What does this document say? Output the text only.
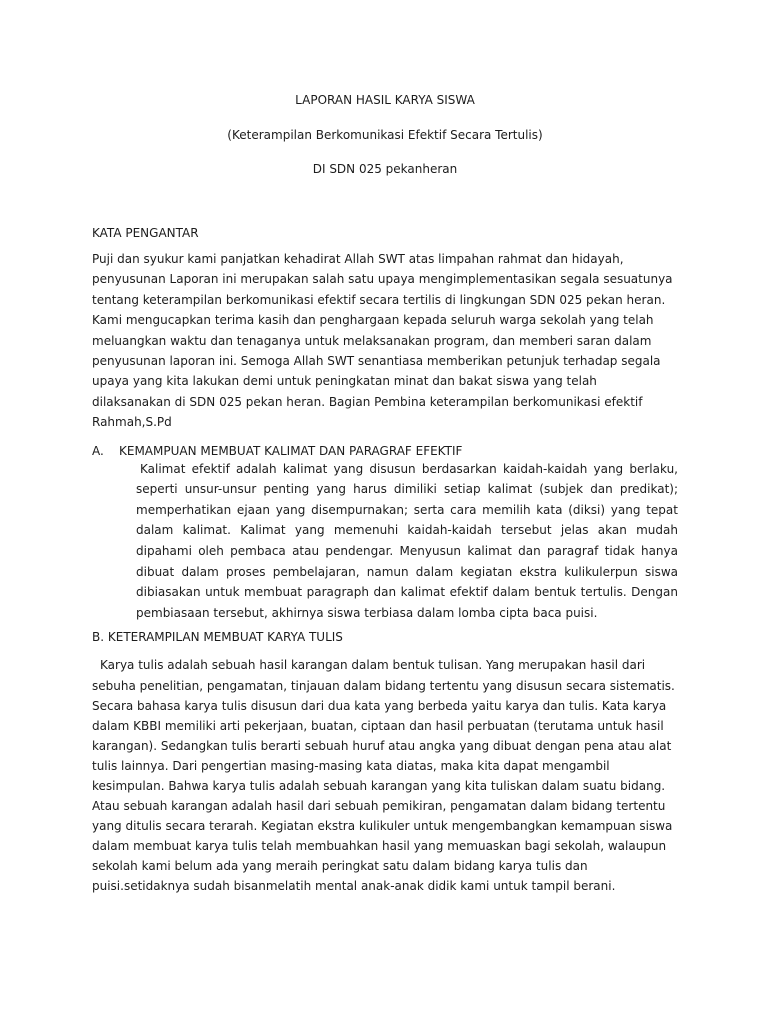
LAPORAN HASIL KARYA SISWA

(Keterampilan Berkomunikasi Efektif Secara Tertulis)

DI SDN 025 pekanheran

KATA PENGANTAR

Puji dan syukur kami panjatkan kehadirat Allah SWT atas limpahan rahmat dan hidayah, penyusunan Laporan ini merupakan salah satu upaya mengimplementasikan segala sesuatunya tentang keterampilan berkomunikasi efektif secara tertilis di lingkungan SDN 025 pekan heran. Kami mengucapkan terima kasih dan penghargaan kepada seluruh warga sekolah yang telah meluangkan waktu dan tenaganya untuk melaksanakan program, dan memberi saran dalam penyusunan laporan ini. Semoga Allah SWT senantiasa memberikan petunjuk terhadap segala upaya yang kita lakukan demi untuk peningkatan minat dan bakat siswa yang telah dilaksanakan di SDN 025 pekan heran. Bagian Pembina keterampilan berkomunikasi efektif Rahmah,S.Pd

A.	KEMAMPUAN MEMBUAT KALIMAT DAN PARAGRAF EFEKTIF

Kalimat efektif adalah kalimat yang disusun berdasarkan kaidah-kaidah yang berlaku, seperti unsur-unsur penting yang harus dimiliki setiap kalimat (subjek dan predikat); memperhatikan ejaan yang disempurnakan; serta cara memilih kata (diksi) yang tepat dalam kalimat. Kalimat yang memenuhi kaidah-kaidah tersebut jelas akan mudah dipahami oleh pembaca atau pendengar. Menyusun kalimat dan paragraf tidak hanya dibuat dalam proses pembelajaran, namun dalam kegiatan ekstra kulikulerpun siswa dibiasakan untuk membuat paragraph dan kalimat efektif dalam bentuk tertulis. Dengan pembiasaan tersebut, akhirnya siswa terbiasa dalam lomba cipta baca puisi.

B. KETERAMPILAN MEMBUAT KARYA TULIS

Karya tulis adalah sebuah hasil karangan dalam bentuk tulisan. Yang merupakan hasil dari sebuha penelitian, pengamatan, tinjauan dalam bidang tertentu yang disusun secara sistematis. Secara bahasa karya tulis disusun dari dua kata yang berbeda yaitu karya dan tulis. Kata karya dalam KBBI memiliki arti pekerjaan, buatan, ciptaan dan hasil perbuatan (terutama untuk hasil karangan). Sedangkan tulis berarti sebuah huruf atau angka yang dibuat dengan pena atau alat tulis lainnya. Dari pengertian masing-masing kata diatas, maka kita dapat mengambil kesimpulan. Bahwa karya tulis adalah sebuah karangan yang kita tuliskan dalam suatu bidang. Atau sebuah karangan adalah hasil dari sebuah pemikiran, pengamatan dalam bidang tertentu yang ditulis secara terarah. Kegiatan ekstra kulikuler untuk mengembangkan kemampuan siswa dalam membuat karya tulis telah membuahkan hasil yang memuaskan bagi sekolah, walaupun sekolah kami belum ada yang meraih peringkat satu dalam bidang karya tulis dan puisi.setidaknya sudah bisanmelatih mental anak-anak didik kami untuk tampil berani.
